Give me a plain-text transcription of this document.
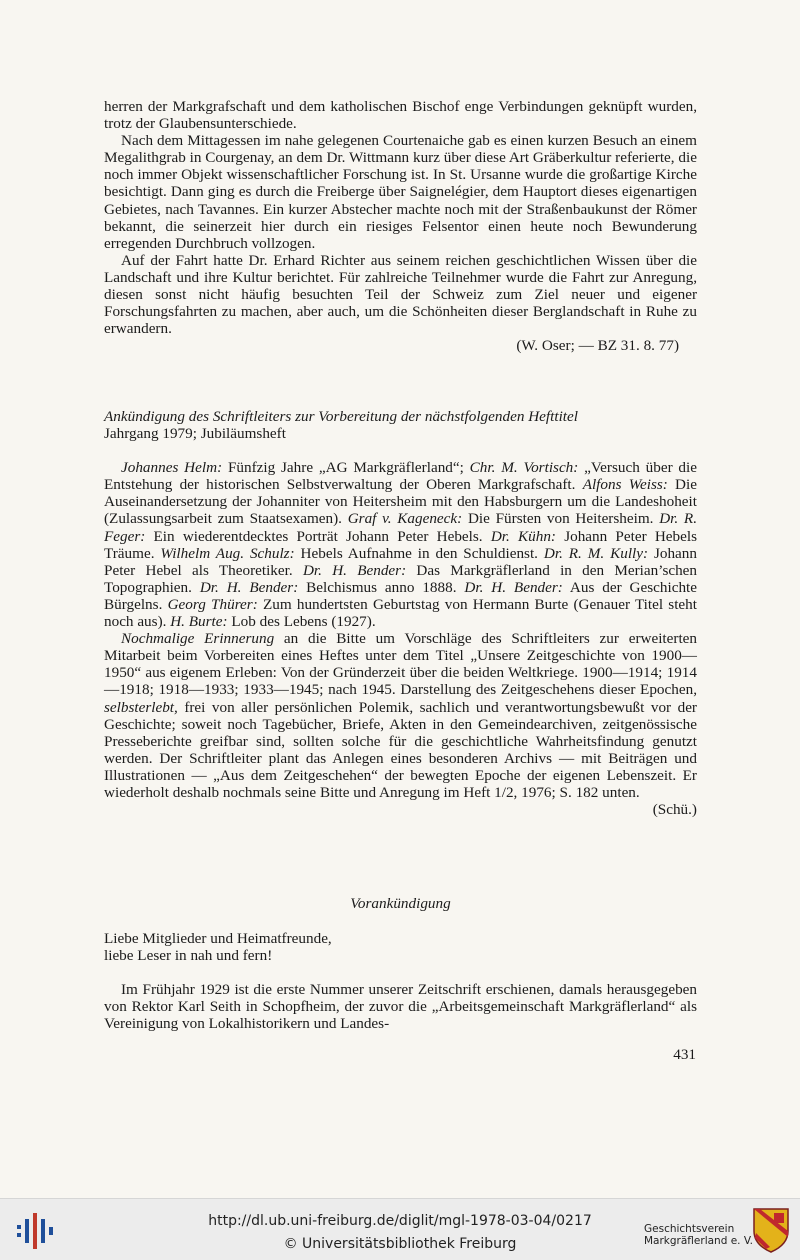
herren der Markgrafschaft und dem katholischen Bischof enge Verbindungen geknüpft wurden, trotz der Glaubensunterschiede.

Nach dem Mittagessen im nahe gelegenen Courtenaiche gab es einen kurzen Besuch an einem Megalithgrab in Courgenay, an dem Dr. Wittmann kurz über diese Art Gräberkultur referierte, die noch immer Objekt wissenschaftlicher Forschung ist. In St. Ursanne wurde die großartige Kirche besichtigt. Dann ging es durch die Freiberge über Saignelégier, dem Hauptort dieses eigenartigen Gebietes, nach Tavannes. Ein kurzer Abstecher machte noch mit der Straßenbaukunst der Römer bekannt, die seinerzeit hier durch ein riesiges Felsentor einen heute noch Bewunderung erregenden Durchbruch vollzogen.

Auf der Fahrt hatte Dr. Erhard Richter aus seinem reichen geschichtlichen Wissen über die Landschaft und ihre Kultur berichtet. Für zahlreiche Teilnehmer wurde die Fahrt zur Anregung, diesen sonst nicht häufig besuchten Teil der Schweiz zum Ziel neuer und eigener Forschungsfahrten zu machen, aber auch, um die Schönheiten dieser Berglandschaft in Ruhe zu erwandern.

(W. Oser; — BZ 31. 8. 77)

Ankündigung des Schriftleiters zur Vorbereitung der nächstfolgenden Hefttitel

Jahrgang 1979; Jubiläumsheft

Johannes Helm: Fünfzig Jahre „AG Markgräflerland“; Chr. M. Vortisch: „Versuch über die Entstehung der historischen Selbstverwaltung der Oberen Markgrafschaft. Alfons Weiss: Die Auseinandersetzung der Johanniter von Heitersheim mit den Habsburgern um die Landeshoheit (Zulassungsarbeit zum Staatsexamen). Graf v. Kageneck: Die Fürsten von Heitersheim. Dr. R. Feger: Ein wiederentdecktes Porträt Johann Peter Hebels. Dr. Kühn: Johann Peter Hebels Träume. Wilhelm Aug. Schulz: Hebels Aufnahme in den Schuldienst. Dr. R. M. Kully: Johann Peter Hebel als Theoretiker. Dr. H. Bender: Das Markgräflerland in den Merian’schen Topographien. Dr. H. Bender: Belchismus anno 1888. Dr. H. Bender: Aus der Geschichte Bürgelns. Georg Thürer: Zum hundertsten Geburtstag von Hermann Burte (Genauer Titel steht noch aus). H. Burte: Lob des Lebens (1927).

Nochmalige Erinnerung an die Bitte um Vorschläge des Schriftleiters zur erweiterten Mitarbeit beim Vorbereiten eines Heftes unter dem Titel „Unsere Zeitgeschichte von 1900—1950“ aus eigenem Erleben: Von der Gründerzeit über die beiden Weltkriege. 1900—1914; 1914—1918; 1918—1933; 1933—1945; nach 1945. Darstellung des Zeitgeschehens dieser Epochen, selbsterlebt, frei von aller persönlichen Polemik, sachlich und verantwortungsbewußt vor der Geschichte; soweit noch Tagebücher, Briefe, Akten in den Gemeindearchiven, zeitgenössische Presseberichte greifbar sind, sollten solche für die geschichtliche Wahrheitsfindung genutzt werden. Der Schriftleiter plant das Anlegen eines besonderen Archivs — mit Beiträgen und Illustrationen — „Aus dem Zeitgeschehen“ der bewegten Epoche der eigenen Lebenszeit. Er wiederholt deshalb nochmals seine Bitte und Anregung im Heft 1/2, 1976; S. 182 unten.
(Schü.)

Vorankündigung

Liebe Mitglieder und Heimatfreunde,

liebe Leser in nah und fern!

Im Frühjahr 1929 ist die erste Nummer unserer Zeitschrift erschienen, damals herausgegeben von Rektor Karl Seith in Schopfheim, der zuvor die „Arbeitsgemeinschaft Markgräflerland“ als Vereinigung von Lokalhistorikern und Landes-

431
http://dl.ub.uni-freiburg.de/diglit/mgl-1978-03-04/0217
© Universitätsbibliothek Freiburg
Geschichtsverein
Markgräflerland e. V.
